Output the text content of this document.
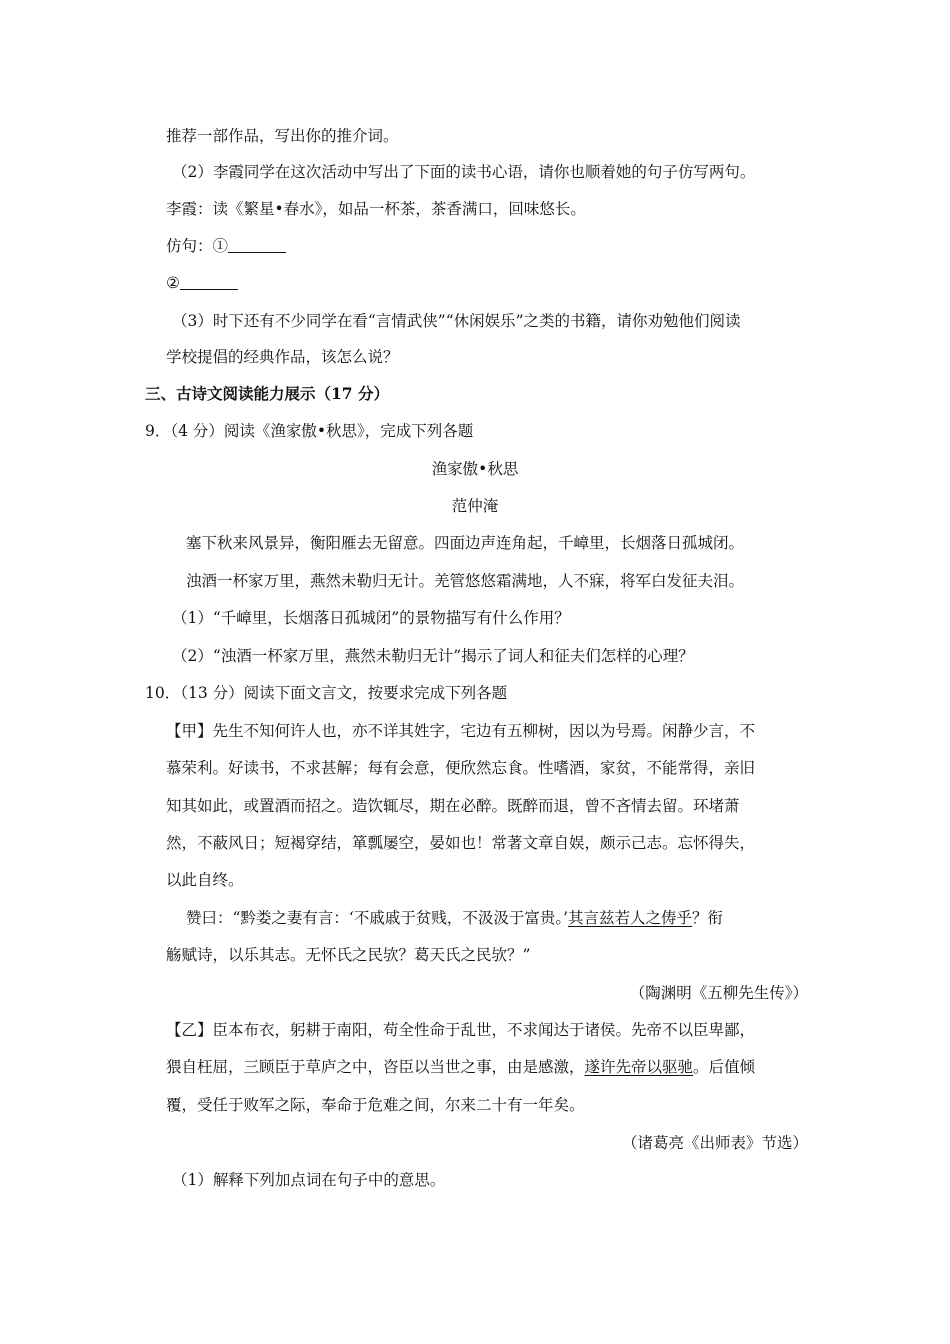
推荐一部作品，写出你的推介词。
（2）李霞同学在这次活动中写出了下面的读书心语，请你也顺着她的句子仿写两句。
李霞：读《繁星•春水》，如品一杯茶，茶香满口，回味悠长。
仿句：①
②
（3）时下还有不少同学在看“言情武侠”“休闲娱乐”之类的书籍，请你劝勉他们阅读
学校提倡的经典作品，该怎么说？
三、古诗文阅读能力展示（17 分）
9．（4 分）阅读《渔家傲•秋思》，完成下列各题
渔家傲•秋思
范仲淹
塞下秋来风景异，衡阳雁去无留意。四面边声连角起，千嶂里，长烟落日孤城闭。
浊酒一杯家万里，燕然未勒归无计。羌管悠悠霜满地，人不寐，将军白发征夫泪。
（1）“千嶂里，长烟落日孤城闭”的景物描写有什么作用？
（2）“浊酒一杯家万里，燕然未勒归无计”揭示了词人和征夫们怎样的心理？
10．（13 分）阅读下面文言文，按要求完成下列各题
【甲】先生不知何许人也，亦不详其姓字，宅边有五柳树，因以为号焉。闲静少言，不
慕荣利。好读书，不求甚解；每有会意，便欣然忘食。性嗜酒，家贫，不能常得，亲旧
知其如此，或置酒而招之。造饮辄尽，期在必醉。既醉而退，曾不吝情去留。环堵萧
然，不蔽风日；短褐穿结，箪瓢屡空，晏如也！常著文章自娱，颇示己志。忘怀得失，
以此自终。
赞曰：“黔娄之妻有言：‘不戚戚于贫贱，不汲汲于富贵。’其言兹若人之俦乎？衔
觞赋诗，以乐其志。无怀氏之民欤？葛天氏之民欤？”
（陶渊明《五柳先生传》）
【乙】臣本布衣，躬耕于南阳，苟全性命于乱世，不求闻达于诸侯。先帝不以臣卑鄙，
猥自枉屈，三顾臣于草庐之中，咨臣以当世之事，由是感激，遂许先帝以驱驰。后值倾
覆，受任于败军之际，奉命于危难之间，尔来二十有一年矣。
（诸葛亮《出师表》节选）
（1）解释下列加点词在句子中的意思。
